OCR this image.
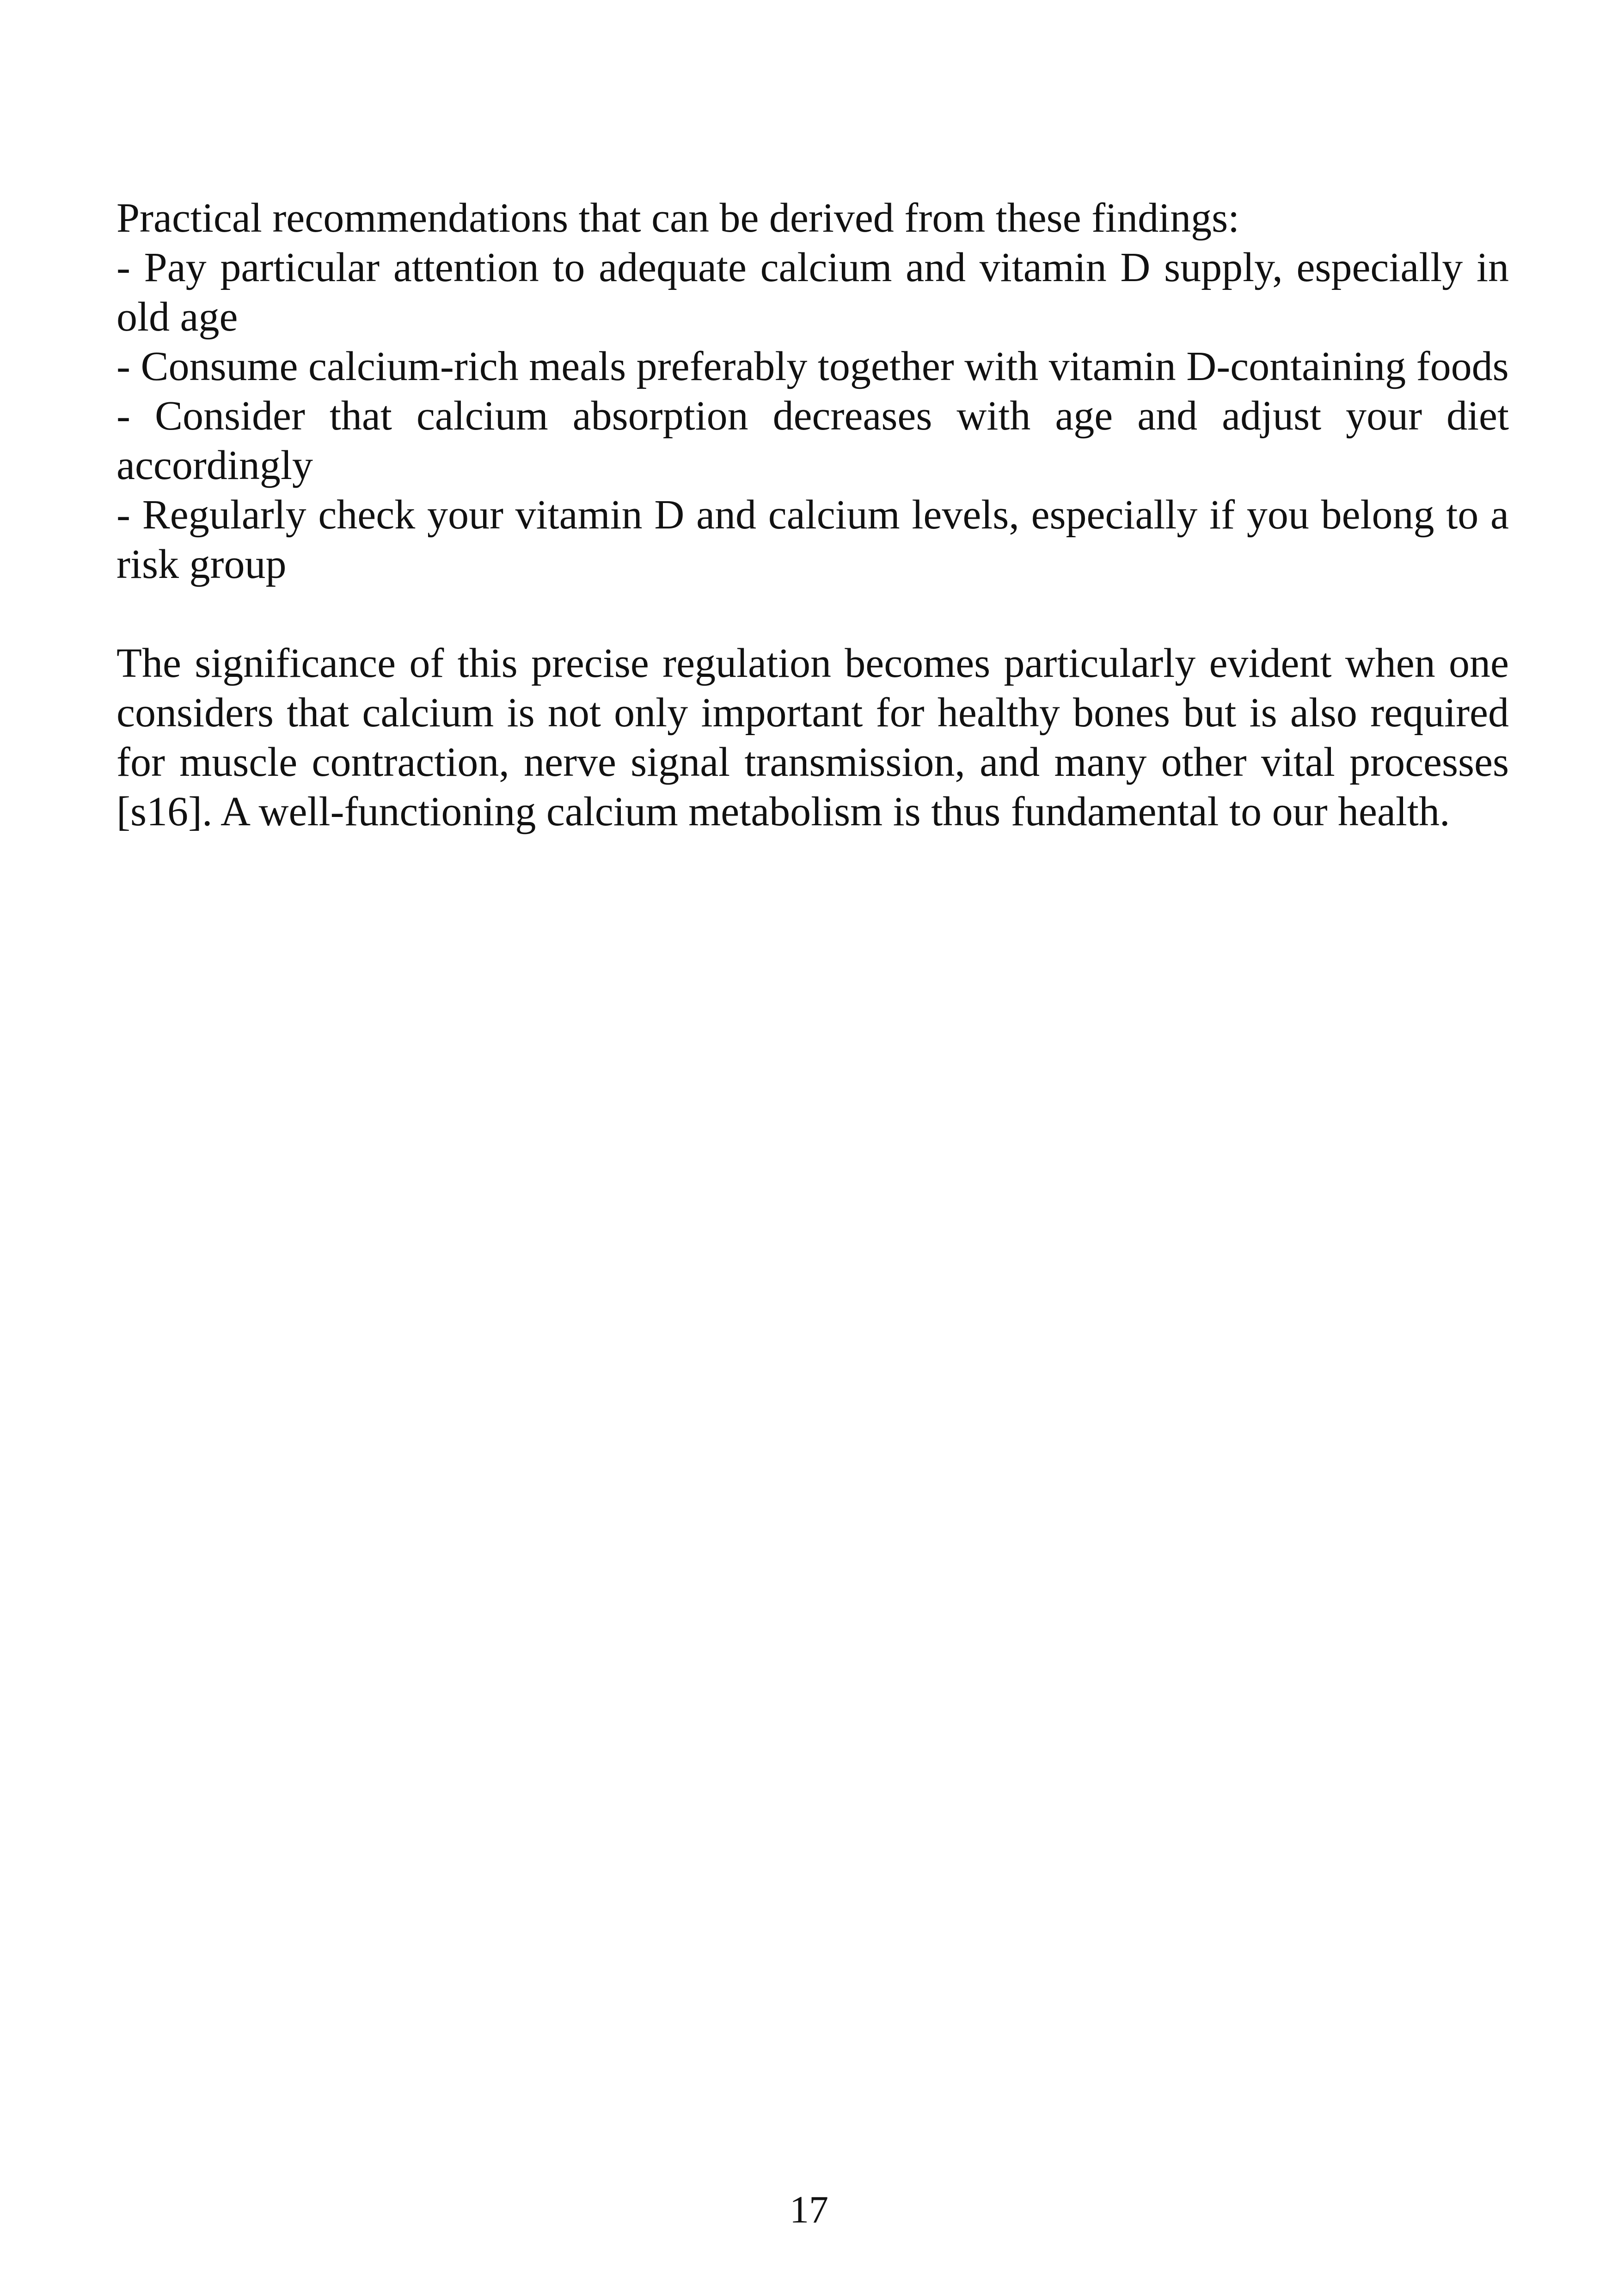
Practical recommendations that can be derived from these findings:

- Pay particular attention to adequate calcium and vitamin D supply, especially in old age

- Consume calcium-rich meals preferably together with vitamin D-containing foods

- Consider that calcium absorption decreases with age and adjust your diet accordingly

- Regularly check your vitamin D and calcium levels, especially if you belong to a risk group

The significance of this precise regulation becomes particularly evident when one considers that calcium is not only important for healthy bones but is also required for muscle contraction, nerve signal transmission, and many other vital processes [s16]. A well-functioning calcium metabolism is thus fundamental to our health.

17
